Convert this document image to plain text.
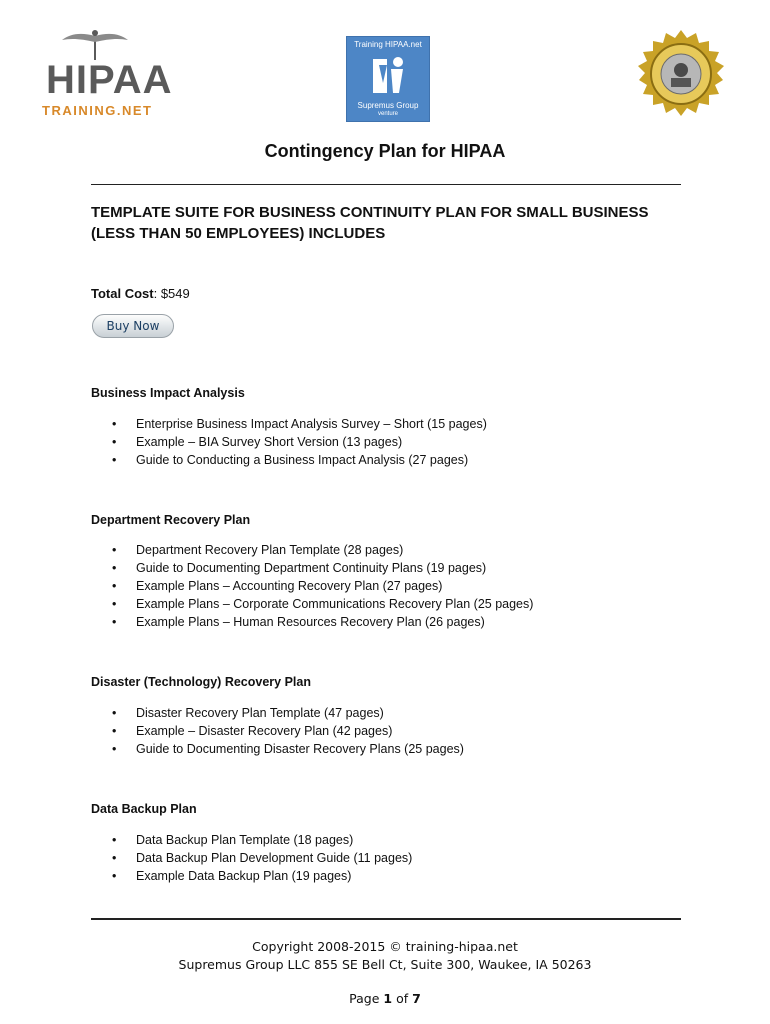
HIPAA
TRAINING.NET
Training HIPAA.net
Supremus Group
venture
Contingency Plan for HIPAA
TEMPLATE SUITE FOR BUSINESS CONTINUITY PLAN FOR SMALL BUSINESS (LESS THAN 50 EMPLOYEES) INCLUDES
Total Cost: $549
Buy Now
Business Impact Analysis
• Enterprise Business Impact Analysis Survey – Short (15 pages)
• Example – BIA Survey Short Version (13 pages)
• Guide to Conducting a Business Impact Analysis (27 pages)
Department Recovery Plan
• Department Recovery Plan Template (28 pages)
• Guide to Documenting Department Continuity Plans (19 pages)
• Example Plans – Accounting Recovery Plan (27 pages)
• Example Plans – Corporate Communications Recovery Plan (25 pages)
• Example Plans – Human Resources Recovery Plan (26 pages)
Disaster (Technology) Recovery Plan
• Disaster Recovery Plan Template (47 pages)
• Example – Disaster Recovery Plan (42 pages)
• Guide to Documenting Disaster Recovery Plans (25 pages)
Data Backup Plan
• Data Backup Plan Template (18 pages)
• Data Backup Plan Development Guide (11 pages)
• Example Data Backup Plan (19 pages)
Copyright 2008-2015 © training-hipaa.net
Supremus Group LLC 855 SE Bell Ct, Suite 300, Waukee, IA 50263
Page 1 of 7
